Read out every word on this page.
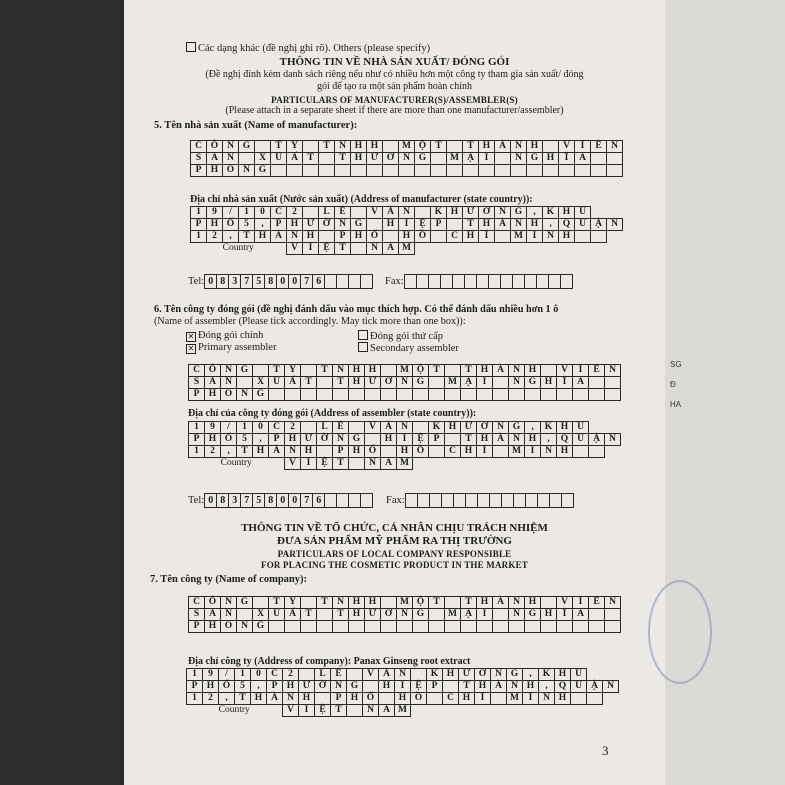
Các dạng khác (đề nghị ghi rõ). Others (please specify)
THÔNG TIN VỀ NHÀ SẢN XUẤT/ ĐÓNG GÓI
(Đề nghị đính kèm danh sách riêng nếu như có nhiều hơn một công ty tham gia sản xuất/ đóng
gói để tạo ra một sản phẩm hoàn chỉnh
PARTICULARS OF MANUFACTURER(S)/ASSEMBLER(S)
(Please attach in a separate sheet if there are more than one manufacturer/assembler)
5. Tên nhà sản xuất (Name of manufacturer):
C	Ô	N	G		T	Y		T	N	H	H		M	Ộ	T		T	H	À	N	H		V	I	Ê	N
S	Ả	N		X	U	Ấ	T		T	H	Ư	Ơ	N	G		M	Ạ	I		N	G	H	Ĩ	A		
P	H	O	N	G																						
Địa chỉ nhà sản xuất (Nước sản xuất) (Address of manufacturer (state country)):
1	9	/	1	0	C	2		L	Ê		V	Ă	N		K	H	Ư	Ơ	N	G	,	K	H	U		
P	H	Ố	5	,	P	H	Ư	Ờ	N	G		H	I	Ệ	P		T	H	À	N	H	,	Q	U	Ậ	N
1	2	,	T	H	À	N	H		P	H	Ố		H	Ồ		C	H	Í		M	I	N	H			
Country						V	I	Ệ	T		N	A	M													
Tel: 0 8 3 7 5 8 0 0 7 6	Fax:
6. Tên công ty đóng gói (đề nghị đánh dấu vào mục thích hợp. Có thể đánh dấu nhiều hơn 1 ô
(Name of assembler (Please tick accordingly. May tick more than one box)):
✕ Đóng gói chính	Đóng gói thứ cấp
✕ Primary assembler	Secondary assembler
C	Ô	N	G		T	Y		T	N	H	H		M	Ộ	T		T	H	À	N	H		V	I	Ê	N
S	Ả	N		X	U	Ấ	T		T	H	Ư	Ơ	N	G		M	Ạ	I		N	G	H	Ĩ	A		
P	H	O	N	G																						
Địa chỉ của công ty đóng gói (Address of assembler (state country)):
1	9	/	1	0	C	2		L	Ê		V	Ă	N		K	H	Ư	Ơ	N	G	,	K	H	U		
P	H	Ố	5	,	P	H	Ư	Ờ	N	G		H	I	Ệ	P		T	H	À	N	H	,	Q	U	Ậ	N
1	2	,	T	H	À	N	H		P	H	Ố		H	Ồ		C	H	Í		M	I	N	H			
Country						V	I	Ệ	T		N	A	M													
Tel: 0 8 3 7 5 8 0 0 7 6	Fax:
THÔNG TIN VỀ TỔ CHỨC, CÁ NHÂN CHỊU TRÁCH NHIỆM
ĐƯA SẢN PHẨM MỸ PHẨM RA THỊ TRƯỜNG
PARTICULARS OF LOCAL COMPANY RESPONSIBLE
FOR PLACING THE COSMETIC PRODUCT IN THE MARKET
7. Tên công ty (Name of company):
C	Ô	N	G		T	Y		T	N	H	H		M	Ộ	T		T	H	À	N	H		V	I	Ê	N
S	Ả	N		X	U	Ấ	T		T	H	Ư	Ơ	N	G		M	Ạ	I		N	G	H	Ĩ	A		
P	H	O	N	G																						
Địa chỉ công ty (Address of company): Panax Ginseng root extract
1	9	/	1	0	C	2		L	Ê		V	Ă	N		K	H	Ư	Ơ	N	G	,	K	H	U		
P	H	Ố	5	,	P	H	Ư	Ờ	N	G		H	I	Ệ	P		T	H	À	N	H	,	Q	U	Ậ	N
1	2	,	T	H	À	N	H		P	H	Ố		H	Ồ		C	H	Í		M	I	N	H			
Country						V	I	Ệ	T		N	A	M													
3
SG
Đ
HA
